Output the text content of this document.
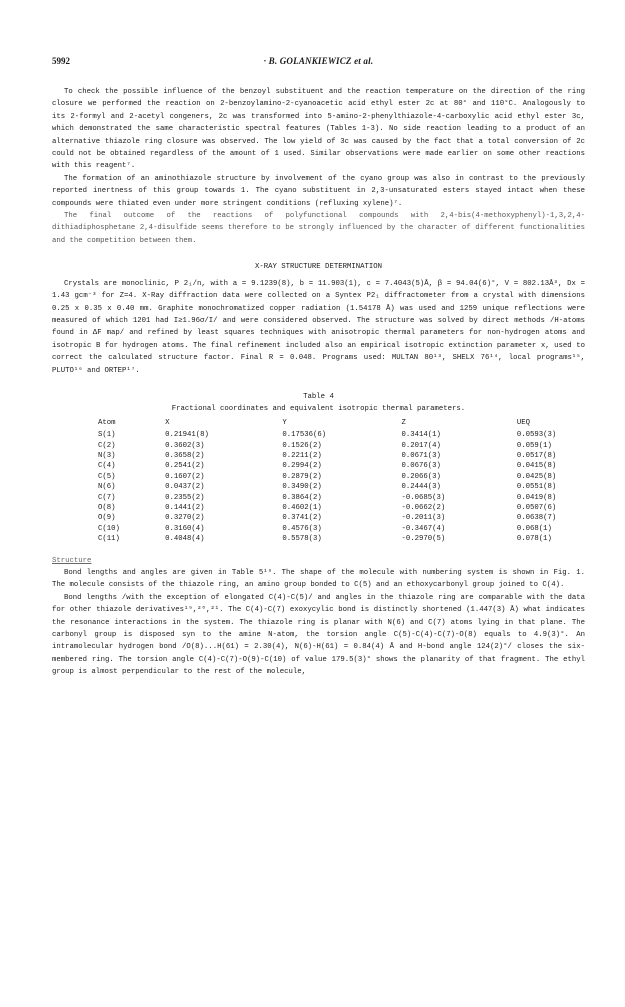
5992	· B. GOLANKIEWICZ et al.

To check the possible influence of the benzoyl substituent and the reaction temperature on the direction of the ring closure we performed the reaction on 2-benzoylamino-2-cyanoacetic acid ethyl ester 2c at 80° and 110°C. Analogously to its 2-formyl and 2-acetyl congeners, 2c was transformed into 5-amino-2-phenylthiazole-4-carboxylic acid ethyl ester 3c, which demonstrated the same characteristic spectral features (Tables 1-3). No side reaction leading to a product of an alternative thiazole ring closure was observed. The low yield of 3c was caused by the fact that a total conversion of 2c could not be obtained regardless of the amount of 1 used. Similar observations were made earlier on some other reactions with this reagent⁷.

The formation of an aminothiazole structure by involvement of the cyano group was also in contrast to the previously reported inertness of this group towards 1. The cyano substituent in 2,3-unsaturated esters stayed intact when these compounds were thiated even under more stringent conditions (refluxing xylene)⁷.

The final outcome of the reactions of polyfunctional compounds with 2,4-bis(4-methoxyphenyl)-1,3,2,4-dithiadiphosphetane 2,4-disulfide seems therefore to be strongly influenced by the character of different functionalities and the competition between them.

X-RAY STRUCTURE DETERMINATION

Crystals are monoclinic, P 2₁/n, with a = 9.1239(8), b = 11.903(1), c = 7.4043(5)Å, β = 94.04(6)°, V = 802.13Å³, Dx = 1.43 gcm⁻³ for Z=4. X-Ray diffraction data were collected on a Syntex P2₁ diffractometer from a crystal with dimensions 0.25 x 0.35 x 0.40 mm. Graphite monochromatized copper radiation (1.54178 Å) was used and 1259 unique reflections were measured of which 1201 had I≥1.96σ/I/ and were considered observed. The structure was solved by direct methods /H-atoms found in ΔF map/ and refined by least squares techniques with anisotropic thermal parameters for non-hydrogen atoms and isotropic B for hydrogen atoms. The final refinement included also an empirical isotropic extinction parameter x, used to correct the calculated structure factor. Final R = 0.048. Programs used: MULTAN 80¹³, SHELX 76¹⁴, local programs¹⁵, PLUTO¹⁶ and ORTEP¹⁷.

Table 4
Fractional coordinates and equivalent isotropic thermal parameters.
Atom	X	Y	Z	UEQ
S(1)	0.21941(8)	0.17536(6)	0.3414(1)	0.0593(3)
C(2)	0.3602(3)	0.1526(2)	0.2017(4)	0.059(1)
N(3)	0.3658(2)	0.2211(2)	0.0671(3)	0.0517(8)
C(4)	0.2541(2)	0.2994(2)	0.0676(3)	0.0415(8)
C(5)	0.1607(2)	0.2879(2)	0.2066(3)	0.0425(8)
N(6)	0.0437(2)	0.3490(2)	0.2444(3)	0.0551(8)
C(7)	0.2355(2)	0.3864(2)	-0.0685(3)	0.0419(8)
O(8)	0.1441(2)	0.4602(1)	-0.0662(2)	0.0507(6)
O(9)	0.3270(2)	0.3741(2)	-0.2011(3)	0.0638(7)
C(10)	0.3160(4)	0.4576(3)	-0.3467(4)	0.068(1)
C(11)	0.4048(4)	0.5578(3)	-0.2970(5)	0.078(1)
Structure

Bond lengths and angles are given in Table 5¹⁸. The shape of the molecule with numbering system is shown in Fig. 1. The molecule consists of the thiazole ring, an amino group bonded to C(5) and an ethoxycarbonyl group joined to C(4).

Bond lengths /with the exception of elongated C(4)-C(5)/ and angles in the thiazole ring are comparable with the data for other thiazole derivatives¹⁹,²⁰,²¹. The C(4)-C(7) exoxycylic bond is distinctly shortened (1.447(3) Å) what indicates the resonance interactions in the system. The thiazole ring is planar with N(6) and C(7) atoms lying in that plane. The carbonyl group is disposed syn to the amine N-atom, the torsion angle C(5)-C(4)-C(7)-O(8) equals to 4.9(3)°. An intramolecular hydrogen bond /O(8)...H(61) = 2.30(4), N(6)-H(61) = 0.84(4) Å and H-bond angle 124(2)°/ closes the six-membered ring. The torsion angle C(4)-C(7)-O(9)-C(10) of value 179.5(3)° shows the planarity of that fragment. The ethyl group is almost perpendicular to the rest of the molecule,
